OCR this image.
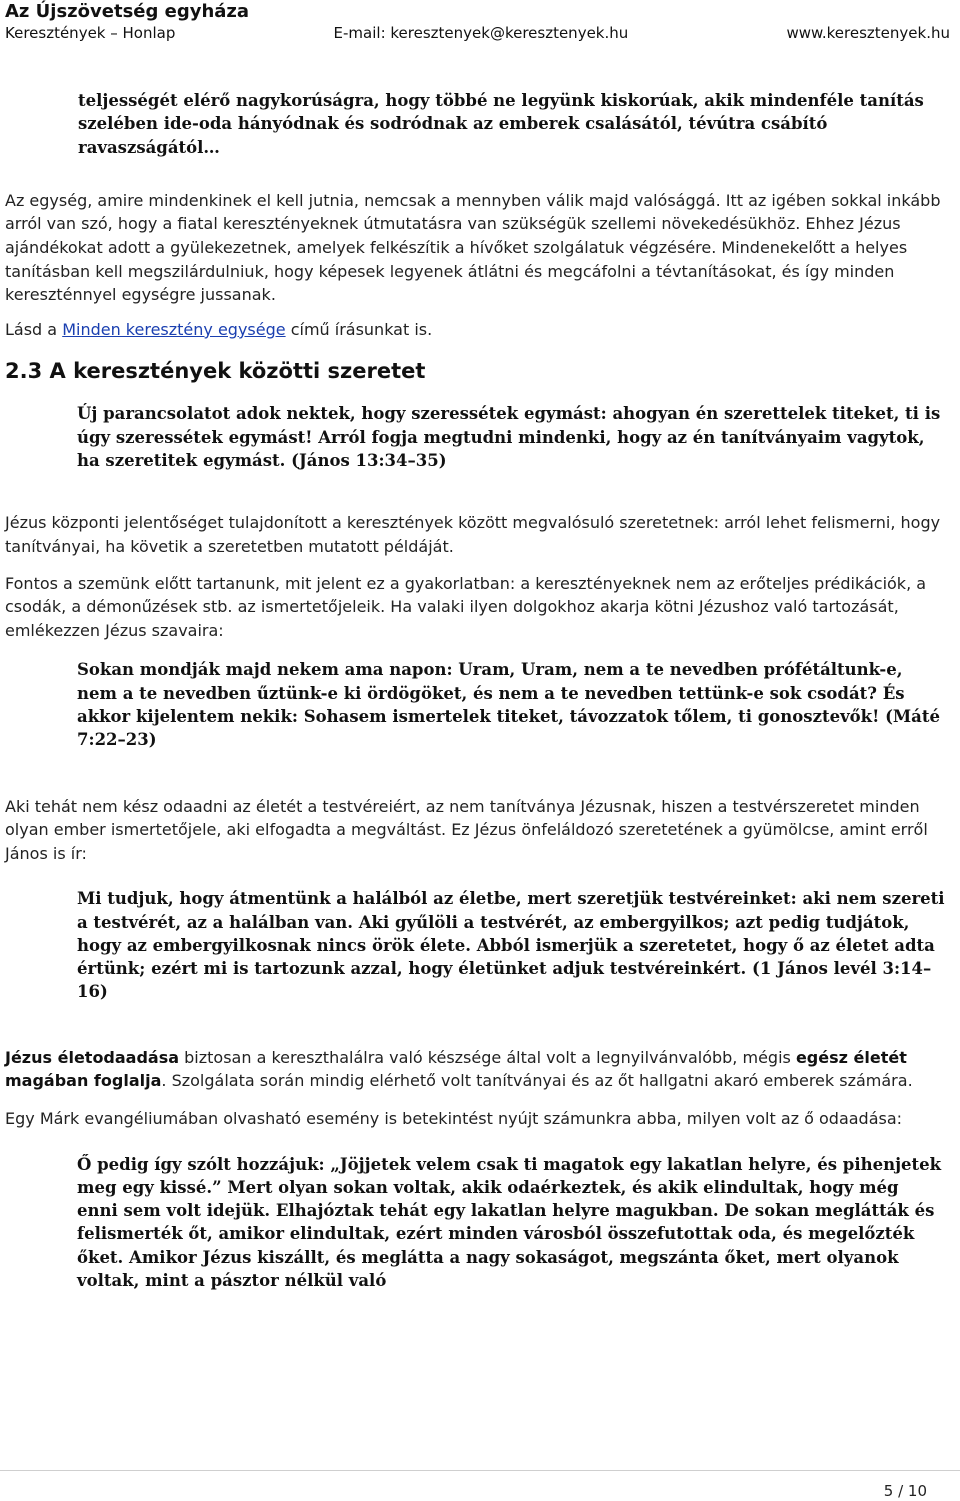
Az Újszövetség egyháza
Keresztények – Honlap	E-mail: keresztenyek@keresztenyek.hu	www.keresztenyek.hu
teljességét elérő nagykorúságra, hogy többé ne legyünk kiskorúak, akik mindenféle tanítás szelében ide-oda hányódnak és sodródnak az emberek csalásától, tévútra csábító ravaszságától…
Az egység, amire mindenkinek el kell jutnia, nemcsak a mennyben válik majd valósággá. Itt az igében sokkal inkább arról van szó, hogy a fiatal keresztényeknek útmutatásra van szükségük szellemi növekedésükhöz. Ehhez Jézus ajándékokat adott a gyülekezetnek, amelyek felkészítik a hívőket szolgálatuk végzésére. Mindenekelőtt a helyes tanításban kell megszilárdulniuk, hogy képesek legyenek átlátni és megcáfolni a tévtanításokat, és így minden kereszténnyel egységre jussanak.
Lásd a Minden keresztény egysége című írásunkat is.
2.3 A keresztények közötti szeretet
Új parancsolatot adok nektek, hogy szeressétek egymást: ahogyan én szerettelek titeket, ti is úgy szeressétek egymást! Arról fogja megtudni mindenki, hogy az én tanítványaim vagytok, ha szeretitek egymást. (János 13:34–35)
Jézus központi jelentőséget tulajdonított a keresztények között megvalósuló szeretetnek: arról lehet felismerni, hogy tanítványai, ha követik a szeretetben mutatott példáját.
Fontos a szemünk előtt tartanunk, mit jelent ez a gyakorlatban: a keresztényeknek nem az erőteljes prédikációk, a csodák, a démonűzések stb. az ismertetőjeleik. Ha valaki ilyen dolgokhoz akarja kötni Jézushoz való tartozását, emlékezzen Jézus szavaira:
Sokan mondják majd nekem ama napon: Uram, Uram, nem a te nevedben prófétáltunk-e, nem a te nevedben űztünk-e ki ördögöket, és nem a te nevedben tettünk-e sok csodát? És akkor kijelentem nekik: Sohasem ismertelek titeket, távozzatok tőlem, ti gonosztevők! (Máté 7:22–23)
Aki tehát nem kész odaadni az életét a testvéreiért, az nem tanítványa Jézusnak, hiszen a testvérszeretet minden olyan ember ismertetőjele, aki elfogadta a megváltást. Ez Jézus önfeláldozó szeretetének a gyümölcse, amint erről János is ír:
Mi tudjuk, hogy átmentünk a halálból az életbe, mert szeretjük testvéreinket: aki nem szereti a testvérét, az a halálban van. Aki gyűlöli a testvérét, az embergyilkos; azt pedig tudjátok, hogy az embergyilkosnak nincs örök élete. Abból ismerjük a szeretetet, hogy ő az életet adta értünk; ezért mi is tartozunk azzal, hogy életünket adjuk testvéreinkért. (1 János levél 3:14–16)
Jézus életodaadása biztosan a kereszthalálra való készsége által volt a legnyilvánvalóbb, mégis egész életét magában foglalja. Szolgálata során mindig elérhető volt tanítványai és az őt hallgatni akaró emberek számára.
Egy Márk evangéliumában olvasható esemény is betekintést nyújt számunkra abba, milyen volt az ő odaadása:
Ő pedig így szólt hozzájuk: „Jöjjetek velem csak ti magatok egy lakatlan helyre, és pihenjetek meg egy kissé.” Mert olyan sokan voltak, akik odaérkeztek, és akik elindultak, hogy még enni sem volt idejük. Elhajóztak tehát egy lakatlan helyre magukban. De sokan meglátták és felismerték őt, amikor elindultak, ezért minden városból összefutottak oda, és megelőzték őket. Amikor Jézus kiszállt, és meglátta a nagy sokaságot, megszánta őket, mert olyanok voltak, mint a pásztor nélkül való
5 / 10
